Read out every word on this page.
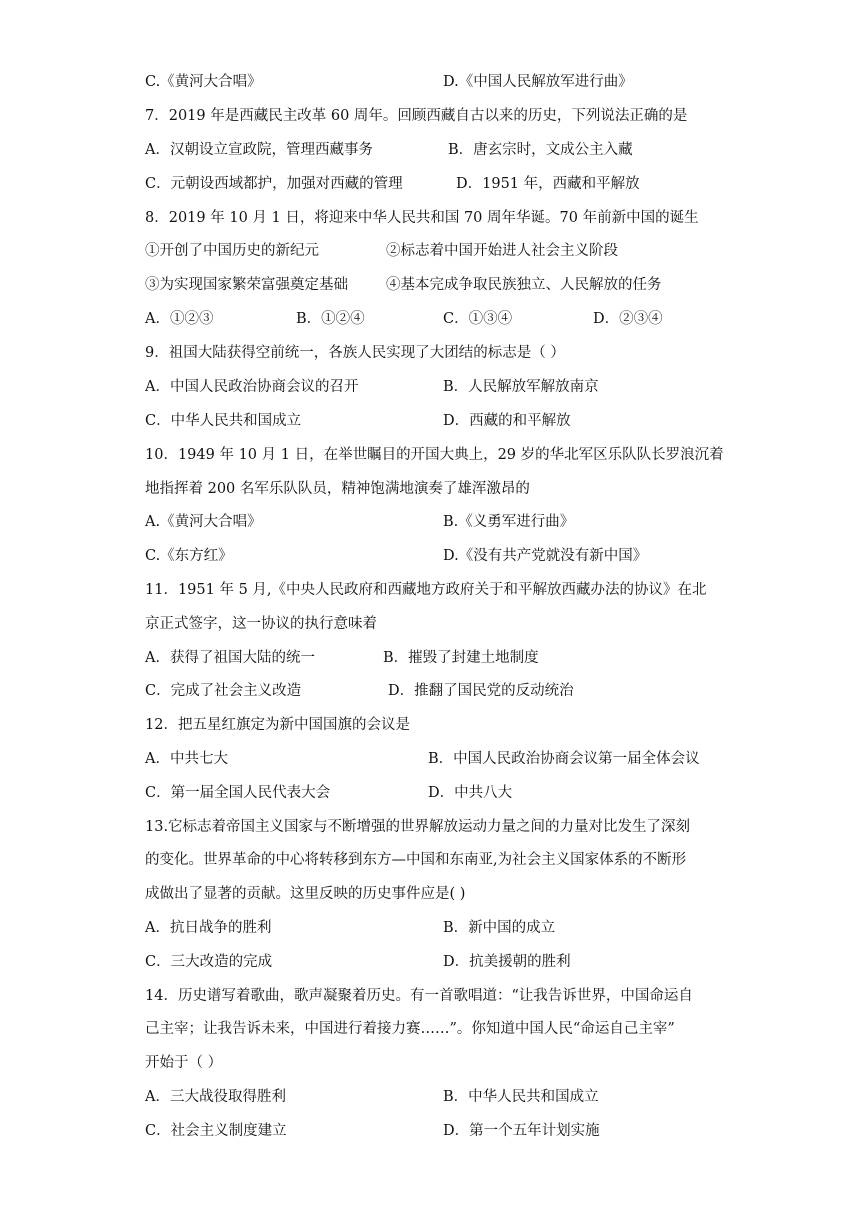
C.《黄河大合唱》	D.《中国人民解放军进行曲》
7．2019 年是西藏民主改革 60 周年。回顾西藏自古以来的历史，下列说法正确的是
A．汉朝设立宣政院，管理西藏事务	B．唐玄宗时，文成公主入藏
C．元朝设西域都护，加强对西藏的管理	D．1951 年，西藏和平解放
8．2019 年 10 月 1 日，将迎来中华人民共和国 70 周年华诞。70 年前新中国的诞生
①开创了中国历史的新纪元	②标志着中国开始进人社会主义阶段
③为实现国家繁荣富强奠定基础	④基本完成争取民族独立、人民解放的任务
A．①②③	B．①②④	C．①③④	D．②③④
9．祖国大陆获得空前统一，各族人民实现了大团结的标志是（ ）
A．中国人民政治协商会议的召开	B．人民解放军解放南京
C．中华人民共和国成立	D．西藏的和平解放
10．1949 年 10 月 1 日，在举世瞩目的开国大典上，29 岁的华北军区乐队队长罗浪沉着
地指挥着 200 名军乐队队员，精神饱满地演奏了雄浑激昂的
A.《黄河大合唱》	B.《义勇军进行曲》
C.《东方红》	D.《没有共产党就没有新中国》
11．1951 年 5 月,《中央人民政府和西藏地方政府关于和平解放西藏办法的协议》在北
京正式签字，这一协议的执行意味着
A．获得了祖国大陆的统一	B．摧毁了封建土地制度
C．完成了社会主义改造	D．推翻了国民党的反动统治
12．把五星红旗定为新中国国旗的会议是
A．中共七大	B．中国人民政治协商会议第一届全体会议
C．第一届全国人民代表大会	D．中共八大
13.它标志着帝国主义国家与不断增强的世界解放运动力量之间的力量对比发生了深刻
的变化。世界革命的中心将转移到东方—中国和东南亚,为社会主义国家体系的不断形
成做出了显著的贡献。这里反映的历史事件应是( )
A．抗日战争的胜利	B．新中国的成立
C．三大改造的完成	D．抗美援朝的胜利
14．历史谱写着歌曲，歌声凝聚着历史。有一首歌唱道：“让我告诉世界，中国命运自
己主宰；让我告诉未来，中国进行着接力赛……”。你知道中国人民“命运自己主宰”
开始于（ ）
A．三大战役取得胜利	B．中华人民共和国成立
C．社会主义制度建立	D．第一个五年计划实施
